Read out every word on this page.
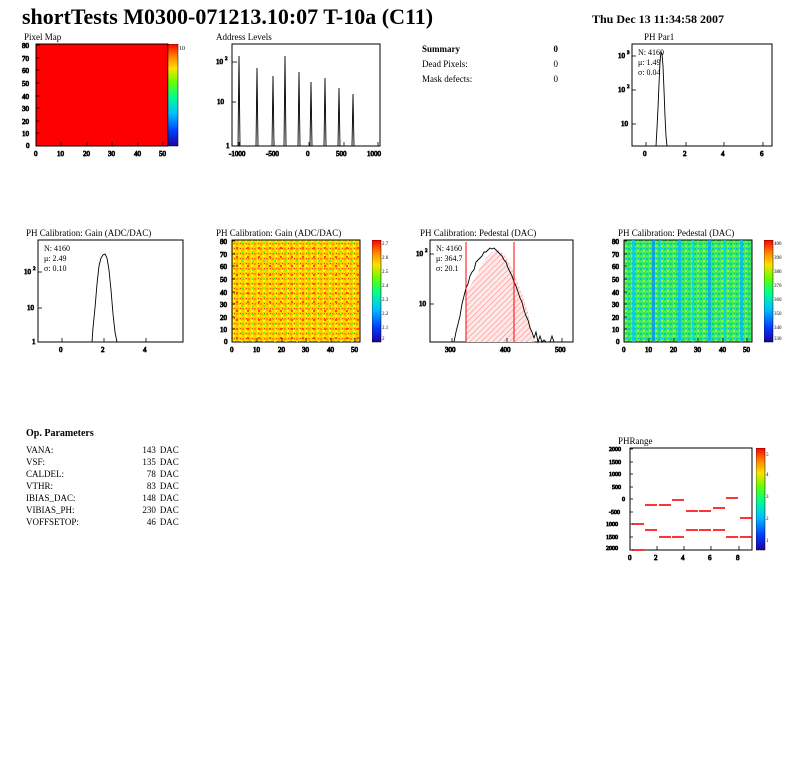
shortTests M0300-071213.10:07 T-10a (C11)	Thu Dec 13 11:34:58 2007
Pixel Map
0	10	20	30	40	50
0
10
20
30
40
50
60
70
80	10
Address Levels
-1000	-500	0	500	1000
1
10
10 2
Summary	0
Dead Pixels:	0
Mask defects:	0
PH Par1
0	2	4	6
10
10 2
10 3 N: 4160
μ: 1.49
σ: 0.04
PH Calibration: Gain (ADC/DAC)
0	2	4
1
10
10 2
N: 4160
μ: 2.49
σ: 0.10
PH Calibration: Gain (ADC/DAC)
0	10	20 30	40 50
0
10
20
30
40
50
60
70
80	2.7
2.6
2.5
2.4
2.3
2.2
2.1
2
PH Calibration: Pedestal (DAC)
300	400	500
10
10 2 N: 4160
μ: 364.7
σ: 20.1
PH Calibration: Pedestal (DAC)
0	10	20 30	40 50
0
10
20
30
40
50
60
70
80	400
390
380
370
360
350
340
330
Op. Parameters
VANA:	143	DAC
VSF:	135	DAC
CALDEL:	78	DAC
VTHR:	83	DAC
IBIAS_DAC:	148	DAC
VIBIAS_PH:	230	DAC
VOFFSETOP:	46	DAC
PHRange
0	2	4	6	8
2000
1500
1000
500
0
-500
1000
1500
2000
5
4
3
2
1
